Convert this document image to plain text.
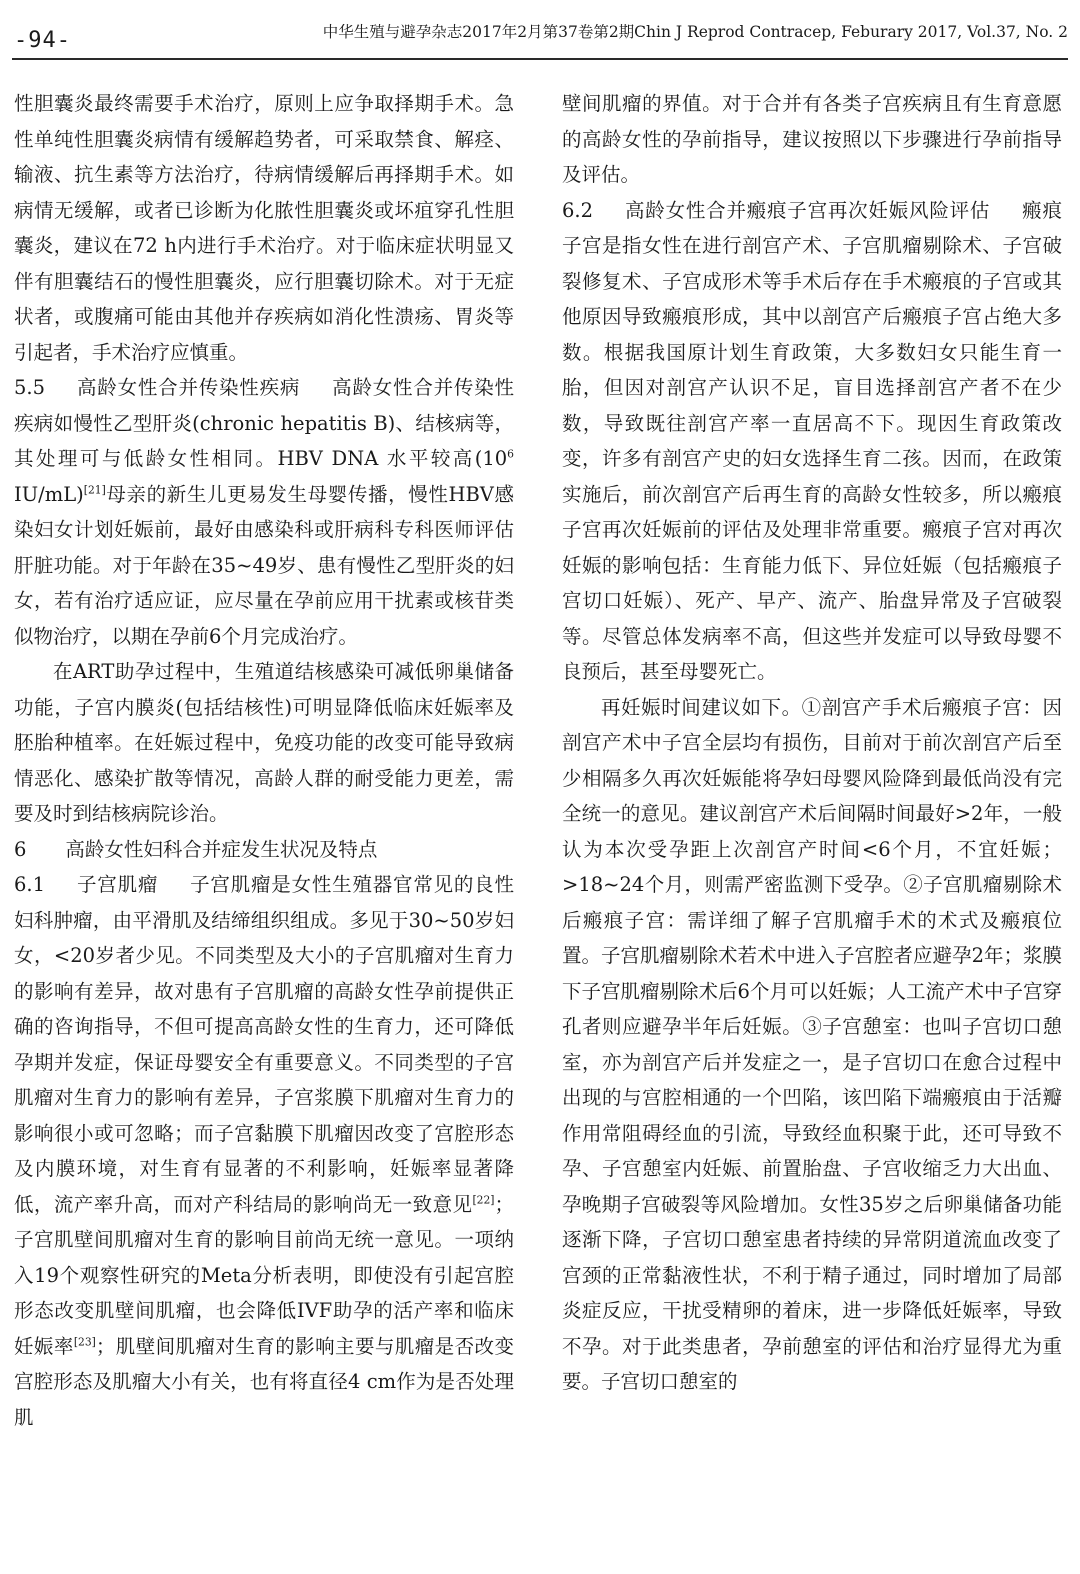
-94-	中华生殖与避孕杂志2017年2月第37卷第2期Chin J Reprod Contracep, Feburary 2017, Vol.37, No. 2

性胆囊炎最终需要手术治疗，原则上应争取择期手术。急性单纯性胆囊炎病情有缓解趋势者，可采取禁食、解痉、输液、抗生素等方法治疗，待病情缓解后再择期手术。如病情无缓解，或者已诊断为化脓性胆囊炎或坏疽穿孔性胆囊炎，建议在72 h内进行手术治疗。对于临床症状明显又伴有胆囊结石的慢性胆囊炎，应行胆囊切除术。对于无症状者，或腹痛可能由其他并存疾病如消化性溃疡、胃炎等引起者，手术治疗应慎重。

5.5 高龄女性合并传染性疾病 高龄女性合并传染性疾病如慢性乙型肝炎(chronic hepatitis B)、结核病等，其处理可与低龄女性相同。HBV DNA 水平较高($10^6$ IU/mL)[21]母亲的新生儿更易发生母婴传播，慢性HBV感染妇女计划妊娠前，最好由感染科或肝病科专科医师评估肝脏功能。对于年龄在35~49岁、患有慢性乙型肝炎的妇女，若有治疗适应证，应尽量在孕前应用干扰素或核苷类似物治疗，以期在孕前6个月完成治疗。

在ART助孕过程中，生殖道结核感染可减低卵巢储备功能，子宫内膜炎(包括结核性)可明显降低临床妊娠率及胚胎种植率。在妊娠过程中，免疫功能的改变可能导致病情恶化、感染扩散等情况，高龄人群的耐受能力更差，需要及时到结核病院诊治。

6 高龄女性妇科合并症发生状况及特点

6.1 子宫肌瘤 子宫肌瘤是女性生殖器官常见的良性妇科肿瘤，由平滑肌及结缔组织组成。多见于30~50岁妇女，<20岁者少见。不同类型及大小的子宫肌瘤对生育力的影响有差异，故对患有子宫肌瘤的高龄女性孕前提供正确的咨询指导，不但可提高高龄女性的生育力，还可降低孕期并发症，保证母婴安全有重要意义。不同类型的子宫肌瘤对生育力的影响有差异，子宫浆膜下肌瘤对生育力的影响很小或可忽略；而子宫黏膜下肌瘤因改变了宫腔形态及内膜环境，对生育有显著的不利影响，妊娠率显著降低，流产率升高，而对产科结局的影响尚无一致意见[22]；子宫肌壁间肌瘤对生育的影响目前尚无统一意见。一项纳入19个观察性研究的Meta分析表明，即使没有引起宫腔形态改变肌壁间肌瘤，也会降低IVF助孕的活产率和临床妊娠率[23]；肌壁间肌瘤对生育的影响主要与肌瘤是否改变宫腔形态及肌瘤大小有关，也有将直径4 cm作为是否处理肌

壁间肌瘤的界值。对于合并有各类子宫疾病且有生育意愿的高龄女性的孕前指导，建议按照以下步骤进行孕前指导及评估。

6.2 高龄女性合并瘢痕子宫再次妊娠风险评估 瘢痕子宫是指女性在进行剖宫产术、子宫肌瘤剔除术、子宫破裂修复术、子宫成形术等手术后存在手术瘢痕的子宫或其他原因导致瘢痕形成，其中以剖宫产后瘢痕子宫占绝大多数。根据我国原计划生育政策，大多数妇女只能生育一胎，但因对剖宫产认识不足，盲目选择剖宫产者不在少数，导致既往剖宫产率一直居高不下。现因生育政策改变，许多有剖宫产史的妇女选择生育二孩。因而，在政策实施后，前次剖宫产后再生育的高龄女性较多，所以瘢痕子宫再次妊娠前的评估及处理非常重要。瘢痕子宫对再次妊娠的影响包括：生育能力低下、异位妊娠（包括瘢痕子宫切口妊娠）、死产、早产、流产、胎盘异常及子宫破裂等。尽管总体发病率不高，但这些并发症可以导致母婴不良预后，甚至母婴死亡。

再妊娠时间建议如下。①剖宫产手术后瘢痕子宫：因剖宫产术中子宫全层均有损伤，目前对于前次剖宫产后至少相隔多久再次妊娠能将孕妇母婴风险降到最低尚没有完全统一的意见。建议剖宫产术后间隔时间最好>2年，一般认为本次受孕距上次剖宫产时间<6个月，不宜妊娠；>18~24个月，则需严密监测下受孕。②子宫肌瘤剔除术后瘢痕子宫：需详细了解子宫肌瘤手术的术式及瘢痕位置。子宫肌瘤剔除术若术中进入子宫腔者应避孕2年；浆膜下子宫肌瘤剔除术后6个月可以妊娠；人工流产术中子宫穿孔者则应避孕半年后妊娠。③子宫憩室：也叫子宫切口憩室，亦为剖宫产后并发症之一，是子宫切口在愈合过程中出现的与宫腔相通的一个凹陷，该凹陷下端瘢痕由于活瓣作用常阻碍经血的引流，导致经血积聚于此，还可导致不孕、子宫憩室内妊娠、前置胎盘、子宫收缩乏力大出血、孕晚期子宫破裂等风险增加。女性35岁之后卵巢储备功能逐渐下降，子宫切口憩室患者持续的异常阴道流血改变了宫颈的正常黏液性状，不利于精子通过，同时增加了局部炎症反应，干扰受精卵的着床，进一步降低妊娠率，导致不孕。对于此类患者，孕前憩室的评估和治疗显得尤为重要。子宫切口憩室的
